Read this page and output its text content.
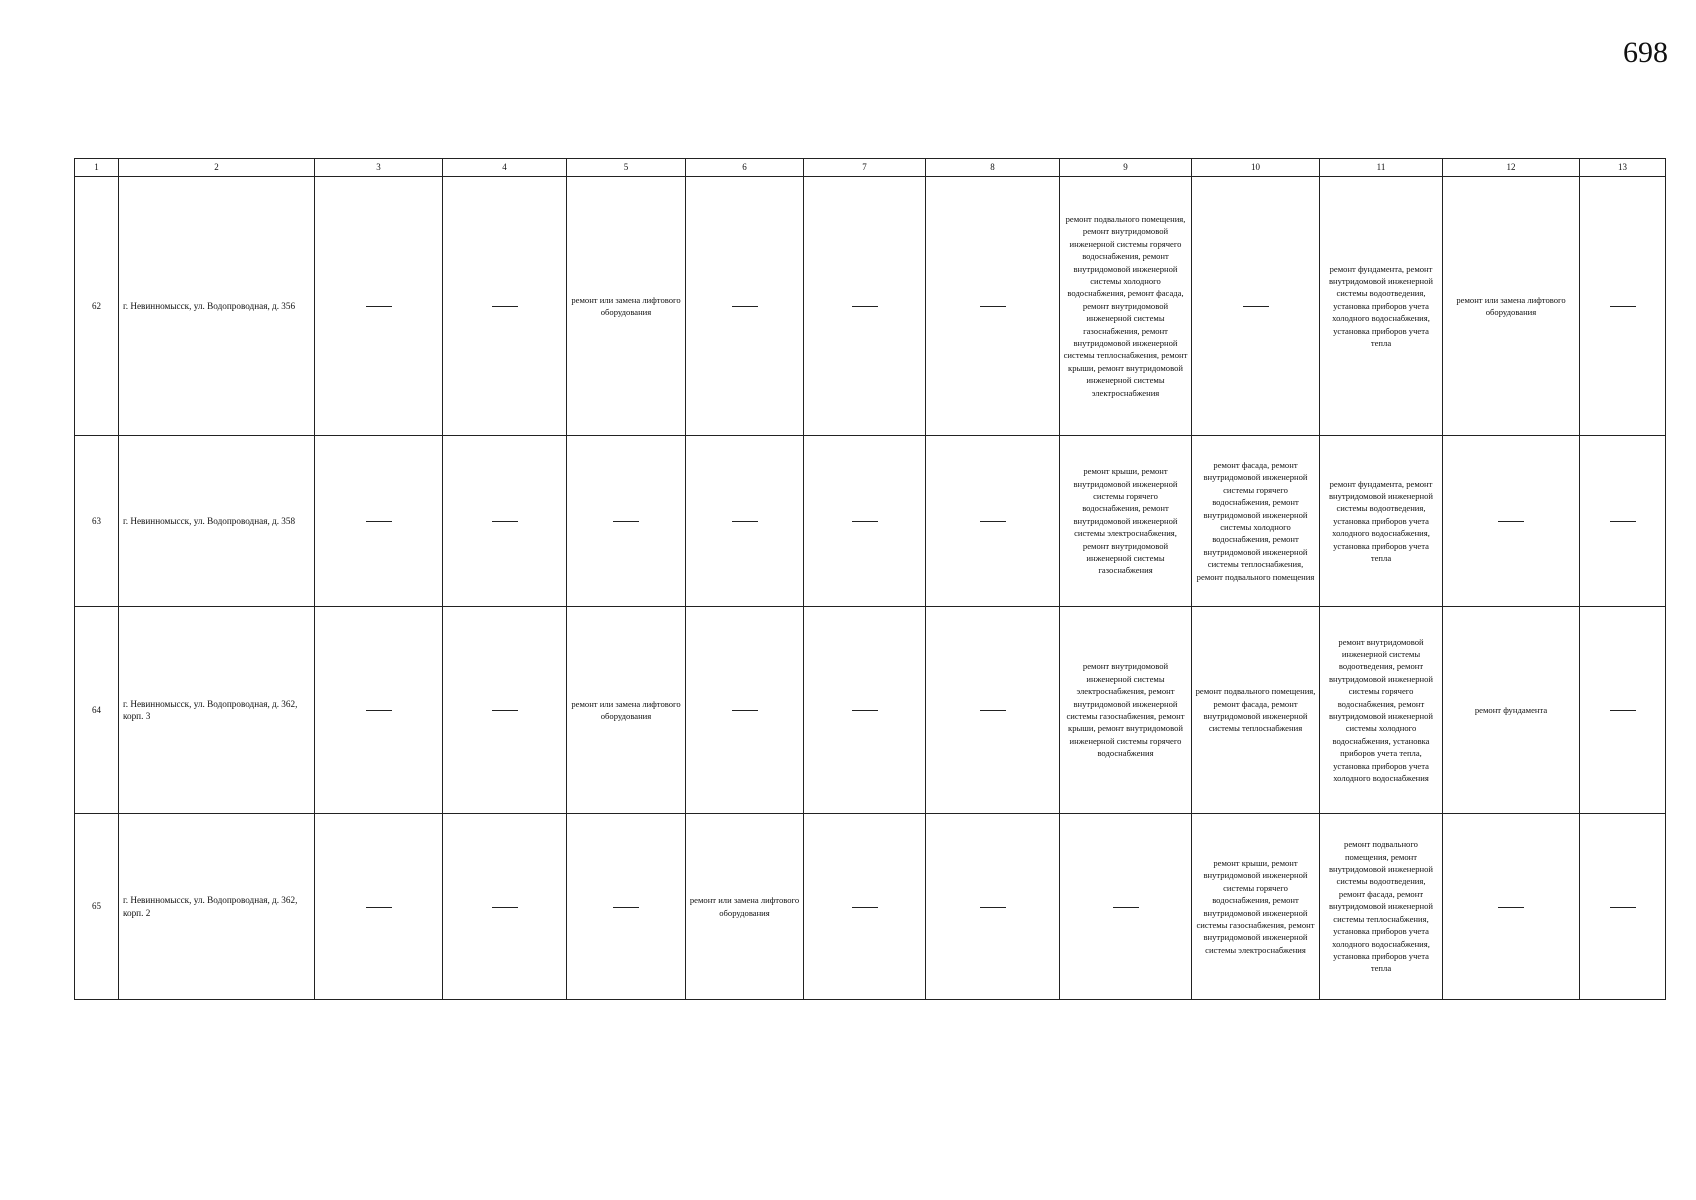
698
1	2	3	4	5	6	7	8	9	10	11	12	13
62	г. Невинномысск, ул. Водопроводная, д. 356			ремонт или замена лифтового оборудования				ремонт подвального помещения, ремонт внутридомовой инженерной системы горячего водоснабжения, ремонт внутридомовой инженерной системы холодного водоснабжения, ремонт фасада, ремонт внутридомовой инженерной системы газоснабжения, ремонт внутридомовой инженерной системы теплоснабжения, ремонт крыши, ремонт внутридомовой инженерной системы электроснабжения		ремонт фундамента, ремонт внутридомовой инженерной системы водоотведения, установка приборов учета холодного водоснабжения, установка приборов учета тепла	ремонт или замена лифтового оборудования	
63	г. Невинномысск, ул. Водопроводная, д. 358							ремонт крыши, ремонт внутридомовой инженерной системы горячего водоснабжения, ремонт внутридомовой инженерной системы электроснабжения, ремонт внутридомовой инженерной системы газоснабжения	ремонт фасада, ремонт внутридомовой инженерной системы горячего водоснабжения, ремонт внутридомовой инженерной системы холодного водоснабжения, ремонт внутридомовой инженерной системы теплоснабжения, ремонт подвального помещения	ремонт фундамента, ремонт внутридомовой инженерной системы водоотведения, установка приборов учета холодного водоснабжения, установка приборов учета тепла		
64	г. Невинномысск, ул. Водопроводная, д. 362, корп. 3			ремонт или замена лифтового оборудования				ремонт внутридомовой инженерной системы электроснабжения, ремонт внутридомовой инженерной системы газоснабжения, ремонт крыши, ремонт внутридомовой инженерной системы горячего водоснабжения	ремонт подвального помещения, ремонт фасада, ремонт внутридомовой инженерной системы теплоснабжения	ремонт внутридомовой инженерной системы водоотведения, ремонт внутридомовой инженерной системы горячего водоснабжения, ремонт внутридомовой инженерной системы холодного водоснабжения, установка приборов учета тепла, установка приборов учета холодного водоснабжения	ремонт фундамента	
65	г. Невинномысск, ул. Водопроводная, д. 362, корп. 2				ремонт или замена лифтового оборудования				ремонт крыши, ремонт внутридомовой инженерной системы горячего водоснабжения, ремонт внутридомовой инженерной системы газоснабжения, ремонт внутридомовой инженерной системы электроснабжения	ремонт подвального помещения, ремонт внутридомовой инженерной системы водоотведения, ремонт фасада, ремонт внутридомовой инженерной системы теплоснабжения, установка приборов учета холодного водоснабжения, установка приборов учета тепла		
